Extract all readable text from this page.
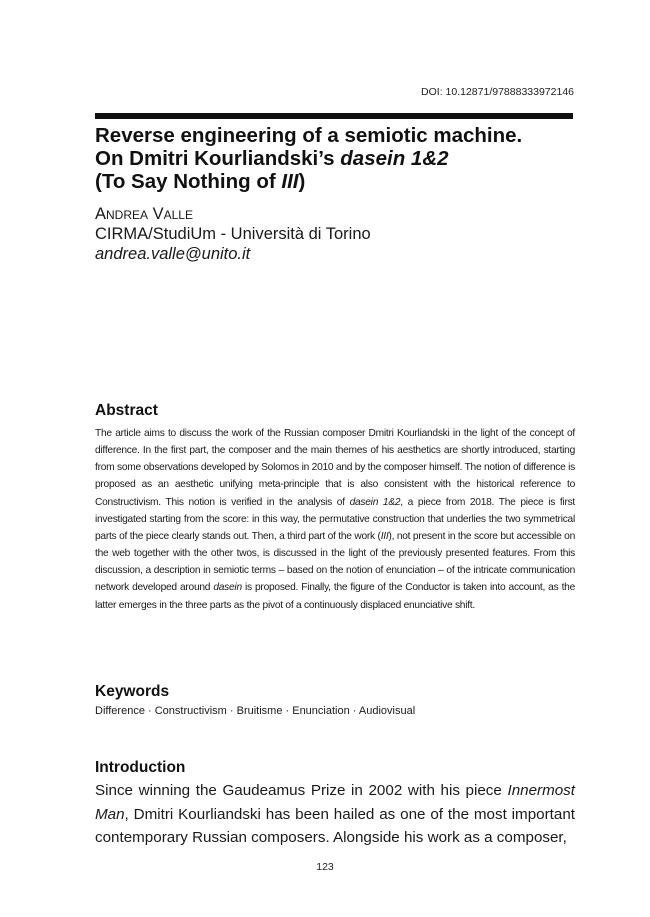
DOI: 10.12871/97888333972146
Reverse engineering of a semiotic machine.
On Dmitri Kourliandski’s dasein 1&2
(To Say Nothing of III)
Andrea Valle
CIRMA/StudiUm - Università di Torino
andrea.valle@unito.it
Abstract
The article aims to discuss the work of the Russian composer Dmitri Kourliandski in the light of the concept of difference. In the first part, the composer and the main themes of his aesthetics are shortly introduced, starting from some observations developed by Solomos in 2010 and by the composer himself. The notion of difference is proposed as an aesthetic unifying meta-principle that is also consistent with the historical reference to Constructivism. This notion is verified in the analysis of dasein 1&2, a piece from 2018. The piece is first investigated starting from the score: in this way, the permutative construction that underlies the two symmetrical parts of the piece clearly stands out. Then, a third part of the work (III), not present in the score but accessible on the web together with the other twos, is discussed in the light of the previously presented features. From this discussion, a description in semiotic terms – based on the notion of enunciation – of the intricate communication network developed around dasein is proposed. Finally, the figure of the Conductor is taken into account, as the latter emerges in the three parts as the pivot of a continuously displaced enunciative shift.
Keywords
Difference · Constructivism · Bruitisme · Enunciation · Audiovisual
Introduction
Since winning the Gaudeamus Prize in 2002 with his piece Innermost Man, Dmitri Kourliandski has been hailed as one of the most important contemporary Russian composers. Alongside his work as a composer,
123
